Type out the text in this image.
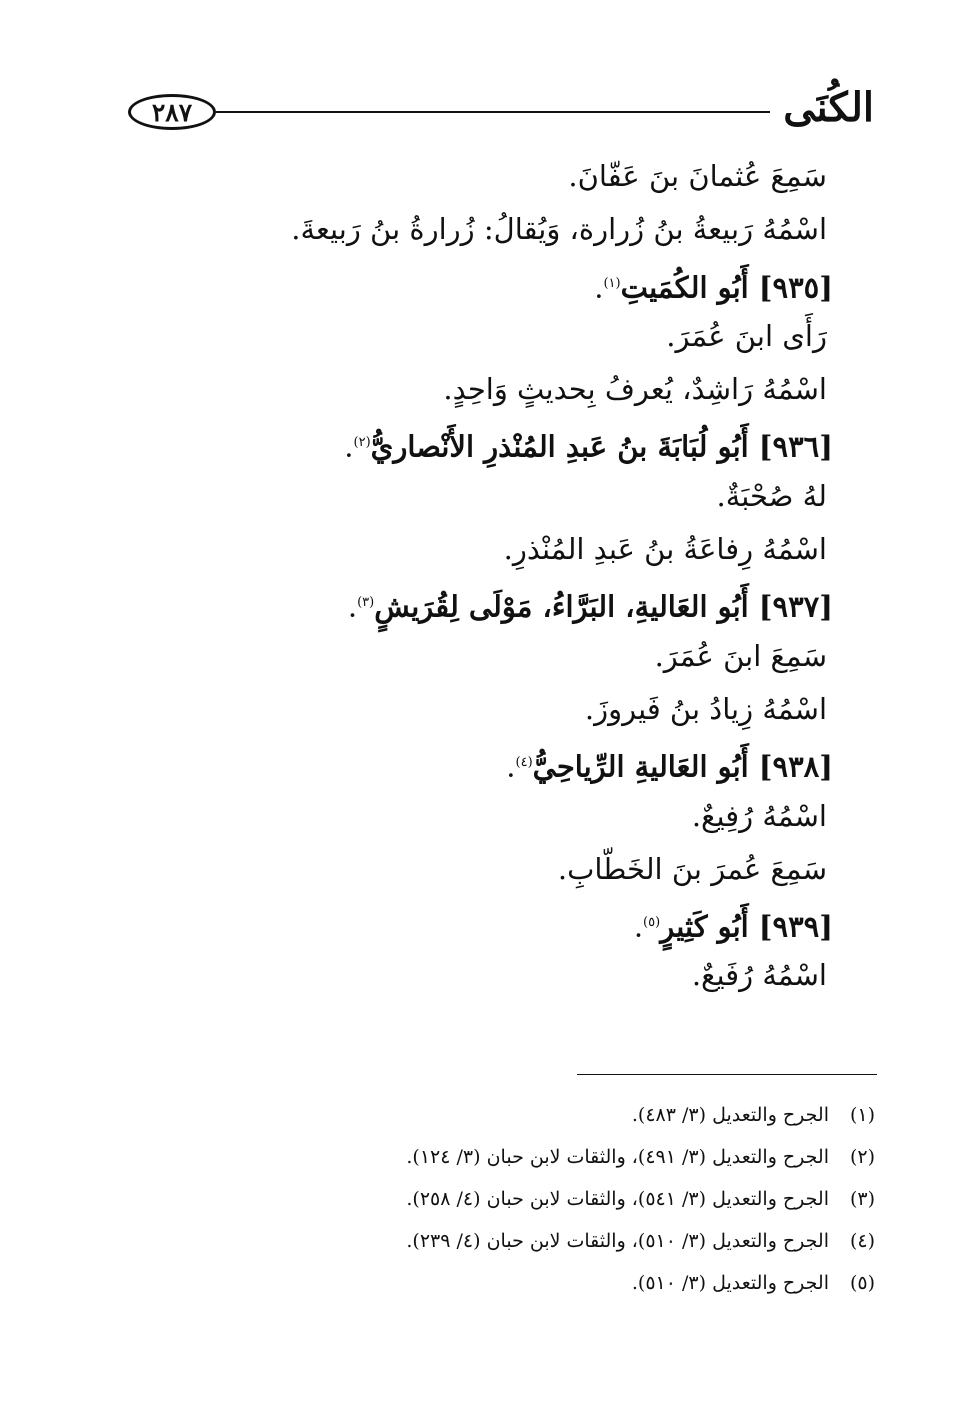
٢٨٧	الكُنَى
سَمِعَ عُثمانَ بنَ عَفّانَ.
اسْمُهُ رَبيعةُ بنُ زُرارة، وَيُقالُ: زُرارةُ بنُ رَبيعةَ.
[٩٣٥] أَبُو الكُمَيتِ$^{(١)}$.
رَأَى ابنَ عُمَرَ.
اسْمُهُ رَاشِدٌ، يُعرفُ بِحديثٍ وَاحِدٍ.
[٩٣٦] أَبُو لُبَابَةَ بنُ عَبدِ المُنْذرِ الأَنْصاريُّ$^{(٢)}$.
لهُ صُحْبَةٌ.
اسْمُهُ رِفاعَةُ بنُ عَبدِ المُنْذرِ.
[٩٣٧] أَبُو العَاليةِ، البَرَّاءُ، مَوْلَى لِقُرَيشٍ$^{(٣)}$.
سَمِعَ ابنَ عُمَرَ.
اسْمُهُ زِيادُ بنُ فَيروزَ.
[٩٣٨] أَبُو العَاليةِ الرِّياحِيُّ$^{(٤)}$.
اسْمُهُ رُفِيعٌ.
سَمِعَ عُمرَ بنَ الخَطّابِ.
[٩٣٩] أَبُو كَثِيرٍ$^{(٥)}$.
اسْمُهُ رُفَيعٌ.
(١)الجرح والتعديل (٣/ ٤٨٣).
(٢)الجرح والتعديل (٣/ ٤٩١)، والثقات لابن حبان (٣/ ١٢٤).
(٣)الجرح والتعديل (٣/ ٥٤١)، والثقات لابن حبان (٤/ ٢٥٨).
(٤)الجرح والتعديل (٣/ ٥١٠)، والثقات لابن حبان (٤/ ٢٣٩).
(٥)الجرح والتعديل (٣/ ٥١٠).
